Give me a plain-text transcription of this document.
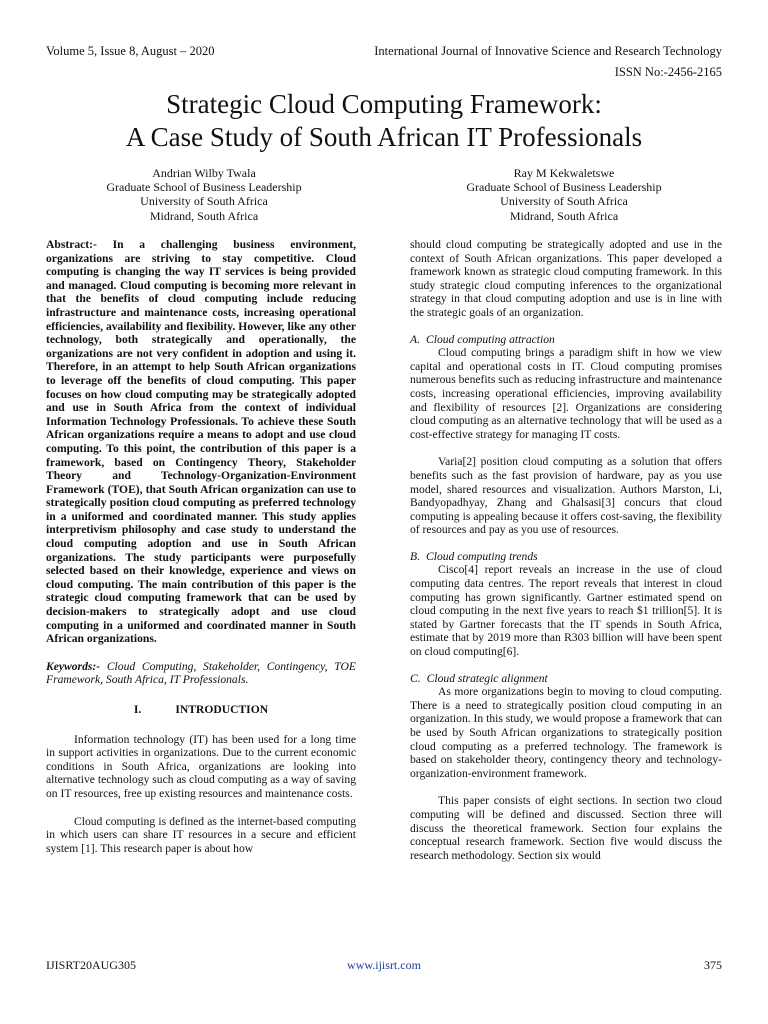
Volume 5, Issue 8, August – 2020	International Journal of Innovative Science and Research Technology
ISSN No:-2456-2165
Strategic Cloud Computing Framework:
A Case Study of South African IT Professionals
Andrian Wilby Twala
Graduate School of Business Leadership
University of South Africa
Midrand, South Africa
Ray M Kekwaletswe
Graduate School of Business Leadership
University of South Africa
Midrand, South Africa

Abstract:- In a challenging business environment, organizations are striving to stay competitive. Cloud computing is changing the way IT services is being provided and managed. Cloud computing is becoming more relevant in that the benefits of cloud computing include reducing infrastructure and maintenance costs, increasing operational efficiencies, availability and flexibility. However, like any other technology, both strategically and operationally, the organizations are not very confident in adoption and using it. Therefore, in an attempt to help South African organizations to leverage off the benefits of cloud computing. This paper focuses on how cloud computing may be strategically adopted and use in South Africa from the context of individual Information Technology Professionals. To achieve these South African organizations require a means to adopt and use cloud computing. To this point, the contribution of this paper is a framework, based on Contingency Theory, Stakeholder Theory and Technology-Organization-Environment Framework (TOE), that South African organization can use to strategically position cloud computing as preferred technology in a uniformed and coordinated manner. This study applies interpretivism philosophy and case study to understand the cloud computing adoption and use in South African organizations. The study participants were purposefully selected based on their knowledge, experience and views on cloud computing. The main contribution of this paper is the strategic cloud computing framework that can be used by decision-makers to strategically adopt and use cloud computing in a uniformed and coordinated manner in South African organizations.

Keywords:- Cloud Computing, Stakeholder, Contingency, TOE Framework, South Africa, IT Professionals.

I.	INTRODUCTION

Information technology (IT) has been used for a long time in support activities in organizations. Due to the current economic conditions in South Africa, organizations are looking into alternative technology such as cloud computing as a way of saving on IT resources, free up existing resources and maintenance costs.

Cloud computing is defined as the internet-based computing in which users can share IT resources in a secure and efficient system [1]. This research paper is about how

should cloud computing be strategically adopted and use in the context of South African organizations. This paper developed a framework known as strategic cloud computing framework. In this study strategic cloud computing inferences to the organizational strategy in that cloud computing adoption and use is in line with the strategic goals of an organization.

A. Cloud computing attraction

Cloud computing brings a paradigm shift in how we view capital and operational costs in IT. Cloud computing promises numerous benefits such as reducing infrastructure and maintenance costs, increasing operational efficiencies, improving availability and flexibility of resources [2]. Organizations are considering cloud computing as an alternative technology that will be used as a cost-effective strategy for managing IT costs.

Varia[2] position cloud computing as a solution that offers benefits such as the fast provision of hardware, pay as you use model, shared resources and visualization. Authors Marston, Li, Bandyopadhyay, Zhang and Ghalsasi[3] concurs that cloud computing is appealing because it offers cost-saving, the flexibility of resources and pay as you use of resources.

B. Cloud computing trends

Cisco[4] report reveals an increase in the use of cloud computing data centres. The report reveals that interest in cloud computing has grown significantly. Gartner estimated spend on cloud computing in the next five years to reach $1 trillion[5]. It is stated by Gartner forecasts that the IT spends in South Africa, estimate that by 2019 more than R303 billion will have been spent on cloud computing[6].

C. Cloud strategic alignment

As more organizations begin to moving to cloud computing. There is a need to strategically position cloud computing in an organization. In this study, we would propose a framework that can be used by South African organizations to strategically position cloud computing as a preferred technology. The framework is based on stakeholder theory, contingency theory and technology-organization-environment framework.

This paper consists of eight sections. In section two cloud computing will be defined and discussed. Section three will discuss the theoretical framework. Section four explains the conceptual research framework. Section five would discuss the research methodology. Section six would

IJISRT20AUG305	www.ijisrt.com	375
